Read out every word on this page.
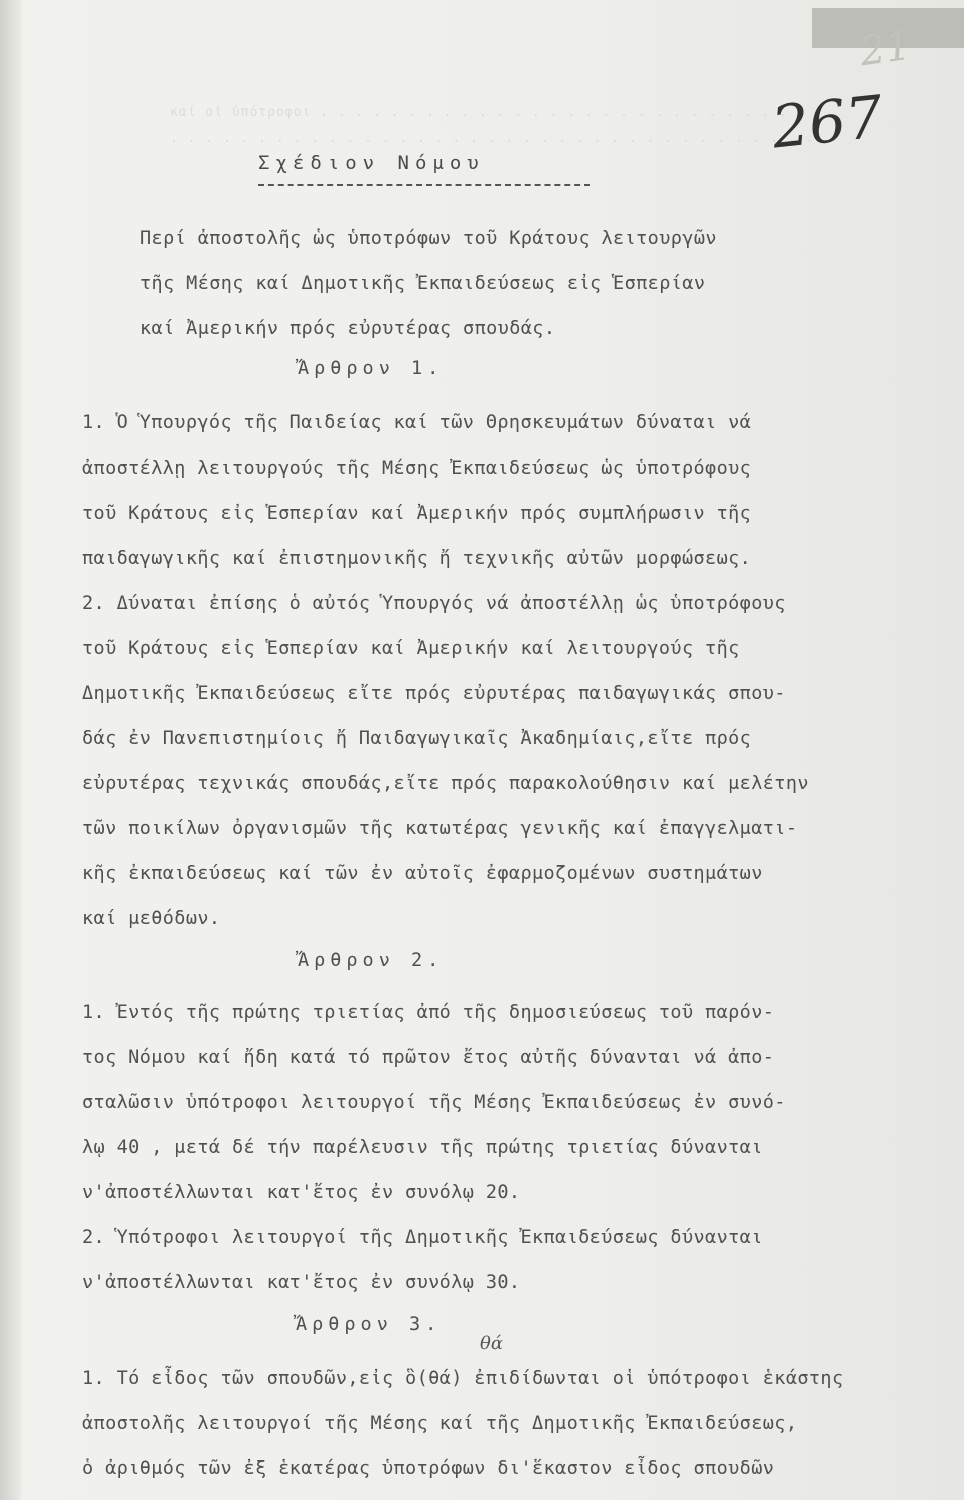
καί οἱ ὑπότροφοι . . . . . . . . . . . . . . . . . . . . . . . . . . . .
. . . . . . . . . . . . . . . . . . . . . . . . . . . . . . . . . . . . .
21
267
Σχέδιον Νόμου
Περί ἀποστολῆς ὡς ὑποτρόφων τοῦ Κράτους λειτουργῶν
τῆς Μέσης καί Δημοτικῆς Ἐκπαιδεύσεως εἰς Ἑσπερίαν
καί Ἀμερικήν πρός εὐρυτέρας σπουδάς.
Ἄρθρον 1.
1. Ὁ Ὑπουργός τῆς Παιδείας καί τῶν Θρησκευμάτων δύναται νά
ἀποστέλλῃ λειτουργούς τῆς Μέσης Ἐκπαιδεύσεως ὡς ὑποτρόφους
τοῦ Κράτους εἰς Ἑσπερίαν καί Ἀμερικήν πρός συμπλήρωσιν τῆς
παιδαγωγικῆς καί ἐπιστημονικῆς ἤ τεχνικῆς αὐτῶν μορφώσεως.
2. Δύναται ἐπίσης ὁ αὐτός Ὑπουργός νά ἀποστέλλῃ ὡς ὑποτρόφους
τοῦ Κράτους εἰς Ἑσπερίαν καί Ἀμερικήν καί λειτουργούς τῆς
Δημοτικῆς Ἐκπαιδεύσεως εἴτε πρός εὐρυτέρας παιδαγωγικάς σπου-
δάς ἐν Πανεπιστημίοις ἤ Παιδαγωγικαῖς Ἀκαδημίαις,εἴτε πρός
εὐρυτέρας τεχνικάς σπουδάς,εἴτε πρός παρακολούθησιν καί μελέτην
τῶν ποικίλων ὀργανισμῶν τῆς κατωτέρας γενικῆς καί ἐπαγγελματι-
κῆς ἐκπαιδεύσεως καί τῶν ἐν αὐτοῖς ἐφαρμοζομένων συστημάτων
καί μεθόδων.
Ἄρθρον 2.
1. Ἐντός τῆς πρώτης τριετίας ἀπό τῆς δημοσιεύσεως τοῦ παρόν-
τος Νόμου καί ἤδη κατά τό πρῶτον ἔτος αὐτῆς δύνανται νά ἀπο-
σταλῶσιν ὑπότροφοι λειτουργοί τῆς Μέσης Ἐκπαιδεύσεως ἐν συνό-
λῳ 40 , μετά δέ τήν παρέλευσιν τῆς πρώτης τριετίας δύνανται
ν'ἀποστέλλωνται κατ'ἔτος ἐν συνόλῳ 20.
2. Ὑπότροφοι λειτουργοί τῆς Δημοτικῆς Ἐκπαιδεύσεως δύνανται
ν'ἀποστέλλωνται κατ'ἔτος ἐν συνόλῳ 30.
θά
Ἄρθρον 3.
1. Τό εἶδος τῶν σπουδῶν,εἰς ὃ(θά) ἐπιδίδωνται οἱ ὑπότροφοι ἑκάστης
ἀποστολῆς λειτουργοί τῆς Μέσης καί τῆς Δημοτικῆς Ἐκπαιδεύσεως,
ὁ ἀριθμός τῶν ἐξ ἑκατέρας ὑποτρόφων δι'ἕκαστον εἶδος σπουδῶν
